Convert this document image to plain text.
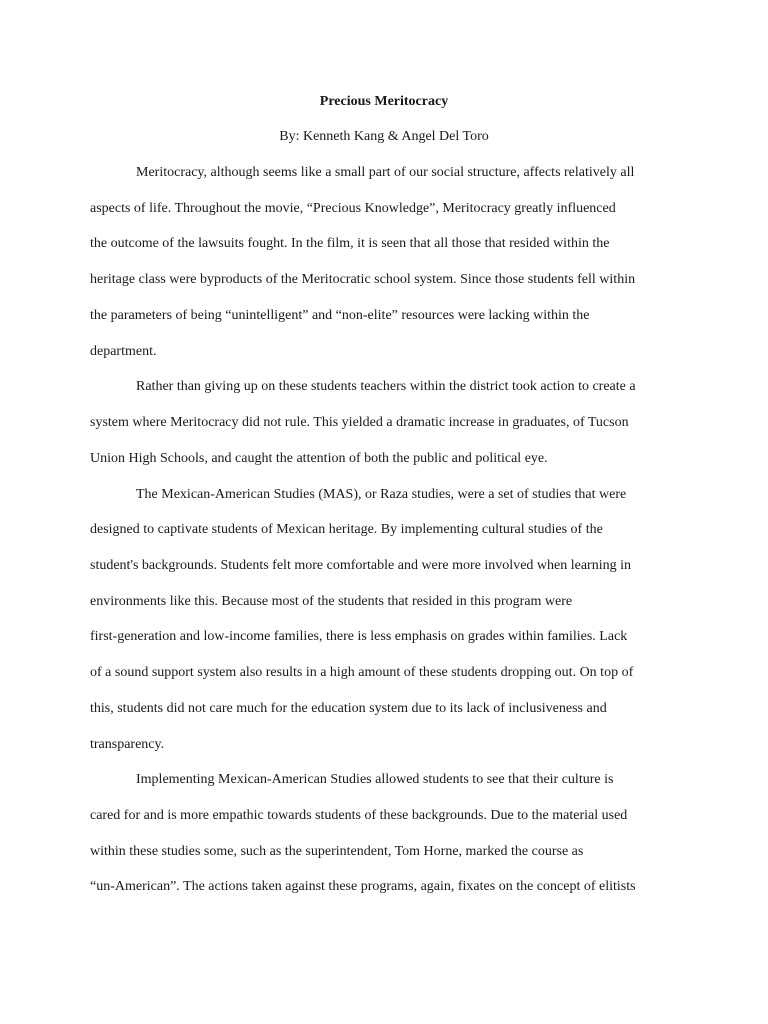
Precious Meritocracy
By: Kenneth Kang & Angel Del Toro
Meritocracy, although seems like a small part of our social structure, affects relatively all
aspects of life. Throughout the movie, “Precious Knowledge”, Meritocracy greatly influenced
the outcome of the lawsuits fought. In the film, it is seen that all those that resided within the
heritage class were byproducts of the Meritocratic school system. Since those students fell within
the parameters of being “unintelligent” and “non-elite” resources were lacking within the
department.
Rather than giving up on these students teachers within the district took action to create a
system where Meritocracy did not rule. This yielded a dramatic increase in graduates, of Tucson
Union High Schools, and caught the attention of both the public and political eye.
The Mexican-American Studies (MAS), or Raza studies, were a set of studies that were
designed to captivate students of Mexican heritage. By implementing cultural studies of the
student's backgrounds. Students felt more comfortable and were more involved when learning in
environments like this. Because most of the students that resided in this program were
first-generation and low-income families, there is less emphasis on grades within families. Lack
of a sound support system also results in a high amount of these students dropping out. On top of
this, students did not care much for the education system due to its lack of inclusiveness and
transparency.
Implementing Mexican-American Studies allowed students to see that their culture is
cared for and is more empathic towards students of these backgrounds. Due to the material used
within these studies some, such as the superintendent, Tom Horne, marked the course as
“un-American”. The actions taken against these programs, again, fixates on the concept of elitists
